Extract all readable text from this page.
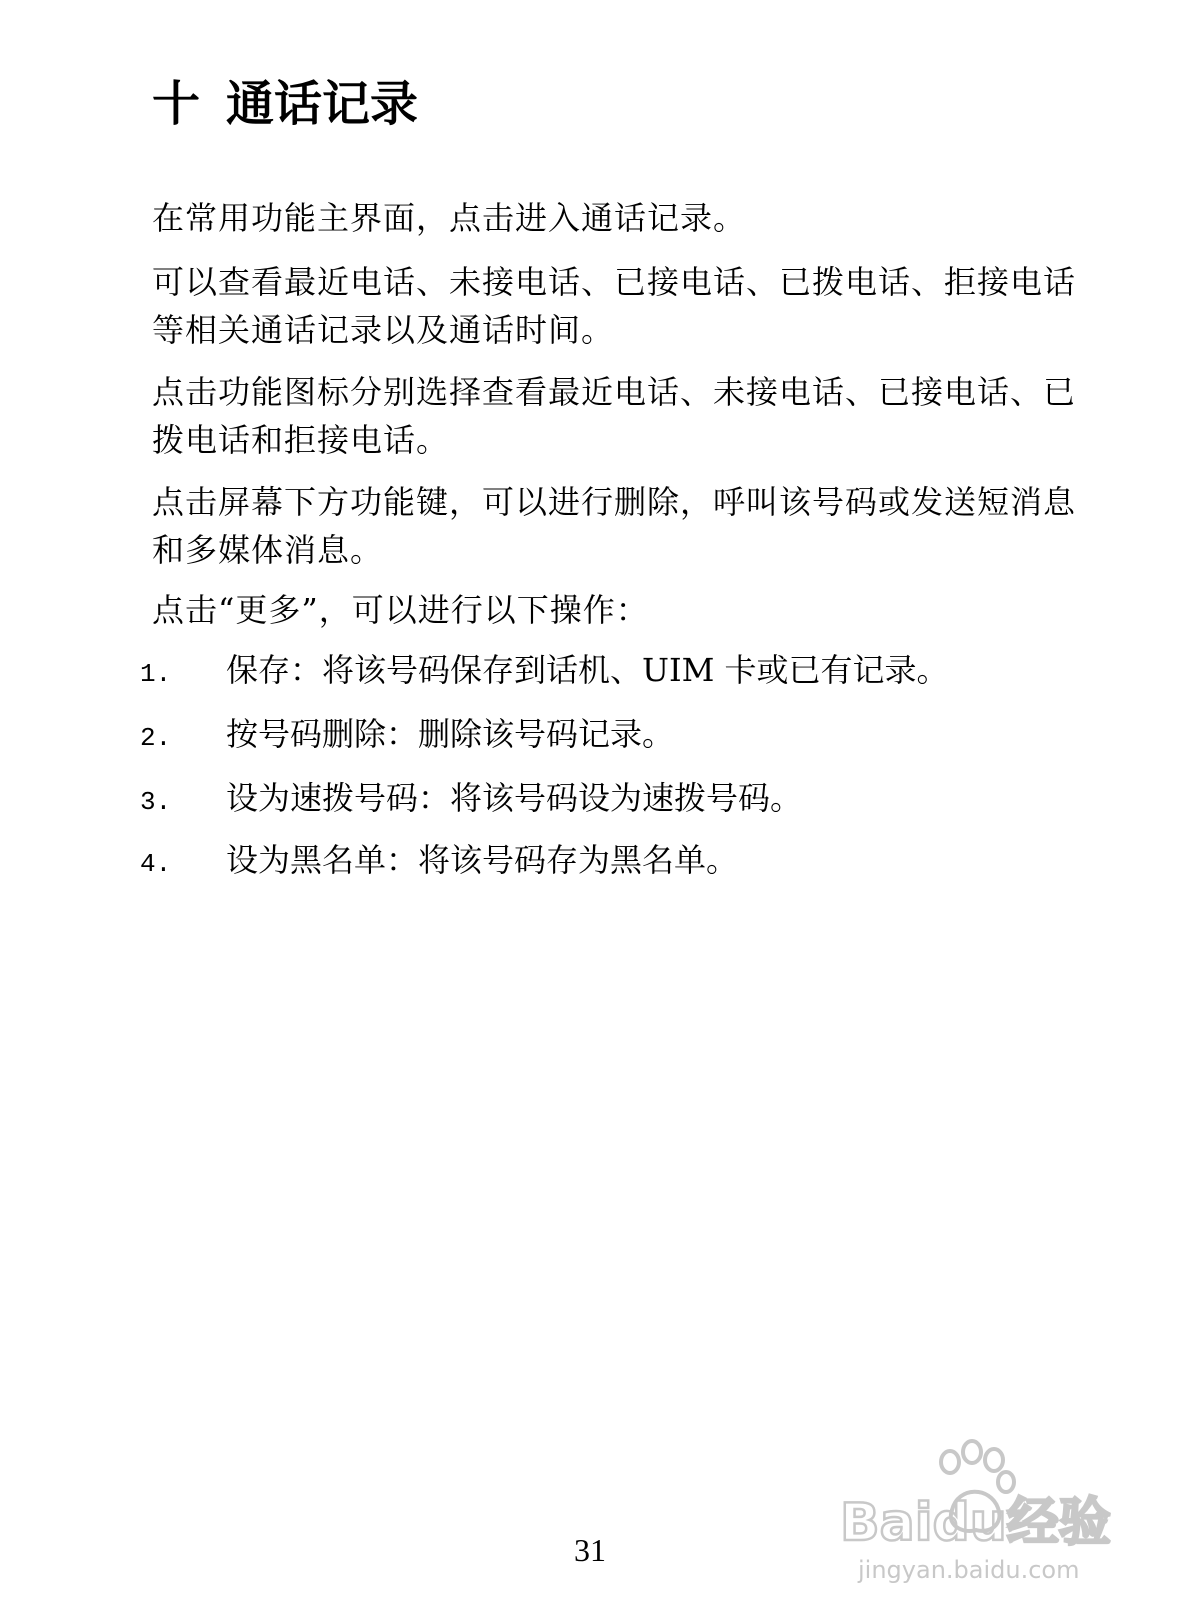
十 通话记录

在常用功能主界面，点击进入通话记录。

可以查看最近电话、未接电话、已接电话、已拨电话、拒接电话等相关通话记录以及通话时间。

点击功能图标分别选择查看最近电话、未接电话、已接电话、已拨电话和拒接电话。

点击屏幕下方功能键，可以进行删除，呼叫该号码或发送短消息和多媒体消息。

点击“更多”，可以进行以下操作：

1. 保存：将该号码保存到话机、UIM 卡或已有记录。

2. 按号码删除：删除该号码记录。

3. 设为速拨号码：将该号码设为速拨号码。

4. 设为黑名单：将该号码存为黑名单。

31	Baidu经验
jingyan.baidu.com
